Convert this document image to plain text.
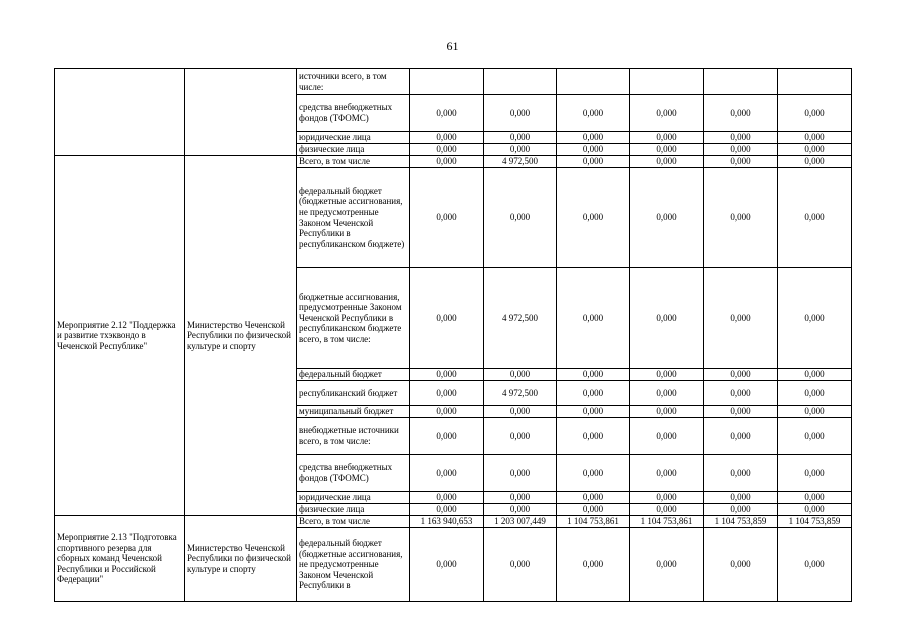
61
		источники всего, в том числе:						
		средства внебюджетных фондов (ТФОМС)	0,000	0,000	0,000	0,000	0,000	0,000
		юридические лица	0,000	0,000	0,000	0,000	0,000	0,000
		физические лица	0,000	0,000	0,000	0,000	0,000	0,000
Мероприятие 2.12 "Поддержка и развитие тхэквондо в Чеченской Республике"	Министерство Чеченской Республики по физической культуре и спорту	Всего, в том числе	0,000	4 972,500	0,000	0,000	0,000	0,000
		федеральный бюджет (бюджетные ассигнования, не предусмотренные Законом Чеченской Республики в республиканском бюджете)	0,000	0,000	0,000	0,000	0,000	0,000
		бюджетные ассигнования, предусмотренные Законом Чеченской Республики в республиканском бюджете всего, в том числе:	0,000	4 972,500	0,000	0,000	0,000	0,000
		федеральный бюджет	0,000	0,000	0,000	0,000	0,000	0,000
		республиканский бюджет	0,000	4 972,500	0,000	0,000	0,000	0,000
		муниципальный бюджет	0,000	0,000	0,000	0,000	0,000	0,000
		внебюджетные источники всего, в том числе:	0,000	0,000	0,000	0,000	0,000	0,000
		средства внебюджетных фондов (ТФОМС)	0,000	0,000	0,000	0,000	0,000	0,000
		юридические лица	0,000	0,000	0,000	0,000	0,000	0,000
		физические лица	0,000	0,000	0,000	0,000	0,000	0,000
Мероприятие 2.13 "Подготовка спортивного резерва для сборных команд Чеченской Республики и Российской Федерации"	Министерство Чеченской Республики по физической культуре и спорту	Всего, в том числе	1 163 940,653	1 203 007,449	1 104 753,861	1 104 753,861	1 104 753,859	1 104 753,859
		федеральный бюджет (бюджетные ассигнования, не предусмотренные Законом Чеченской Республики в	0,000	0,000	0,000	0,000	0,000	0,000
